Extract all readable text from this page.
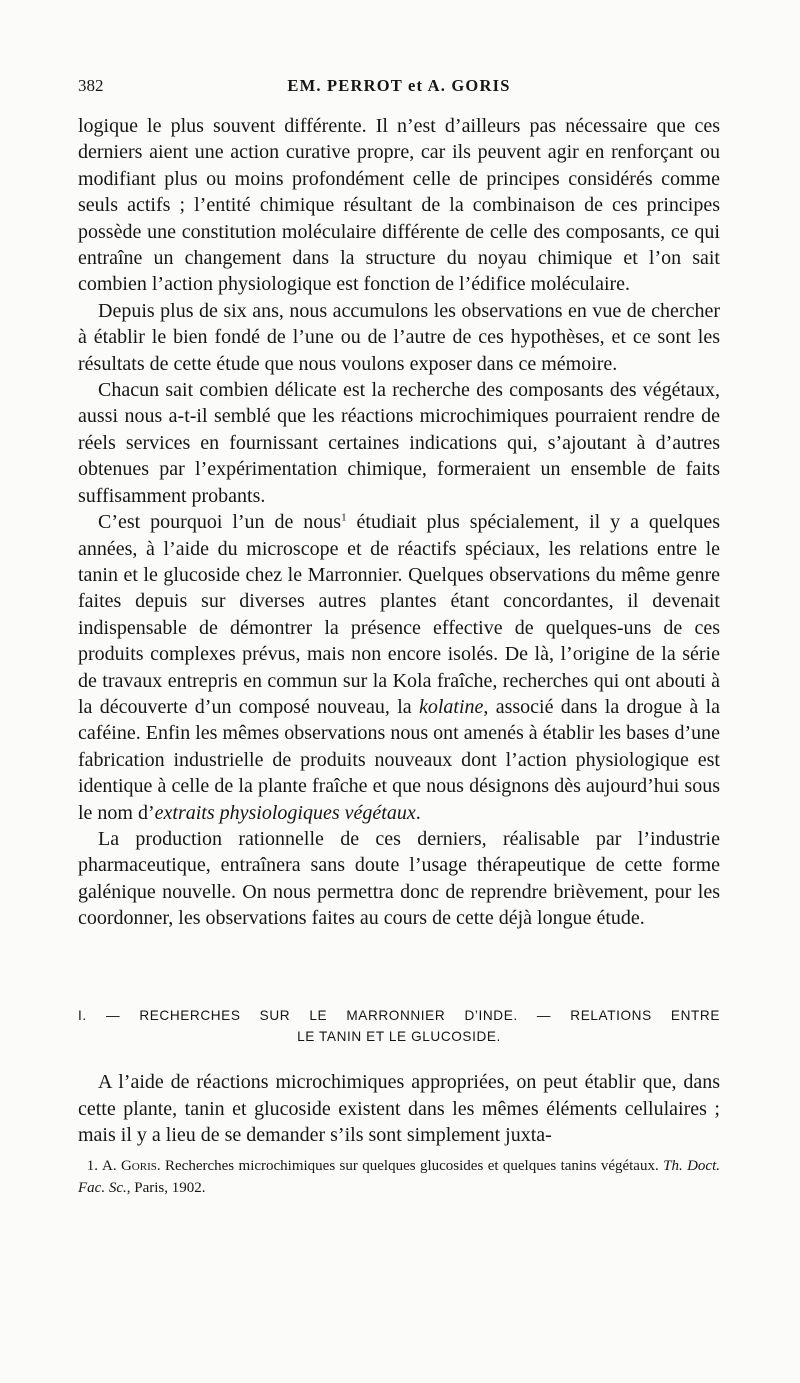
382	EM. PERROT et A. GORIS

logique le plus souvent différente. Il n’est d’ailleurs pas nécessaire que ces derniers aient une action curative propre, car ils peuvent agir en renforçant ou modifiant plus ou moins profondément celle de principes considérés comme seuls actifs ; l’entité chimique résultant de la combinaison de ces principes possède une constitution moléculaire différente de celle des composants, ce qui entraîne un changement dans la structure du noyau chimique et l’on sait combien l’action physiologique est fonction de l’édifice moléculaire.

Depuis plus de six ans, nous accumulons les observations en vue de chercher à établir le bien fondé de l’une ou de l’autre de ces hypothèses, et ce sont les résultats de cette étude que nous voulons exposer dans ce mémoire.

Chacun sait combien délicate est la recherche des composants des végétaux, aussi nous a-t-il semblé que les réactions microchimiques pourraient rendre de réels services en fournissant certaines indications qui, s’ajoutant à d’autres obtenues par l’expérimentation chimique, formeraient un ensemble de faits suffisamment probants.

C’est pourquoi l’un de nous$^1$ étudiait plus spécialement, il y a quelques années, à l’aide du microscope et de réactifs spéciaux, les relations entre le tanin et le glucoside chez le Marronnier. Quelques observations du même genre faites depuis sur diverses autres plantes étant concordantes, il devenait indispensable de démontrer la présence effective de quelques-uns de ces produits complexes prévus, mais non encore isolés. De là, l’origine de la série de travaux entrepris en commun sur la Kola fraîche, recherches qui ont abouti à la découverte d’un composé nouveau, la kolatine, associé dans la drogue à la caféine. Enfin les mêmes observations nous ont amenés à établir les bases d’une fabrication industrielle de produits nouveaux dont l’action physiologique est identique à celle de la plante fraîche et que nous désignons dès aujourd’hui sous le nom d’extraits physiologiques végétaux.

La production rationnelle de ces derniers, réalisable par l’industrie pharmaceutique, entraînera sans doute l’usage thérapeutique de cette forme galénique nouvelle. On nous permettra donc de reprendre brièvement, pour les coordonner, les observations faites au cours de cette déjà longue étude.

I. — RECHERCHES SUR LE MARRONNIER D’INDE. — RELATIONS ENTRE
LE TANIN ET LE GLUCOSIDE.

A l’aide de réactions microchimiques appropriées, on peut établir que, dans cette plante, tanin et glucoside existent dans les mêmes éléments cellulaires ; mais il y a lieu de se demander s’ils sont simplement juxta-

1. A. Goris. Recherches microchimiques sur quelques glucosides et quelques tanins végétaux. Th. Doct. Fac. Sc., Paris, 1902.
